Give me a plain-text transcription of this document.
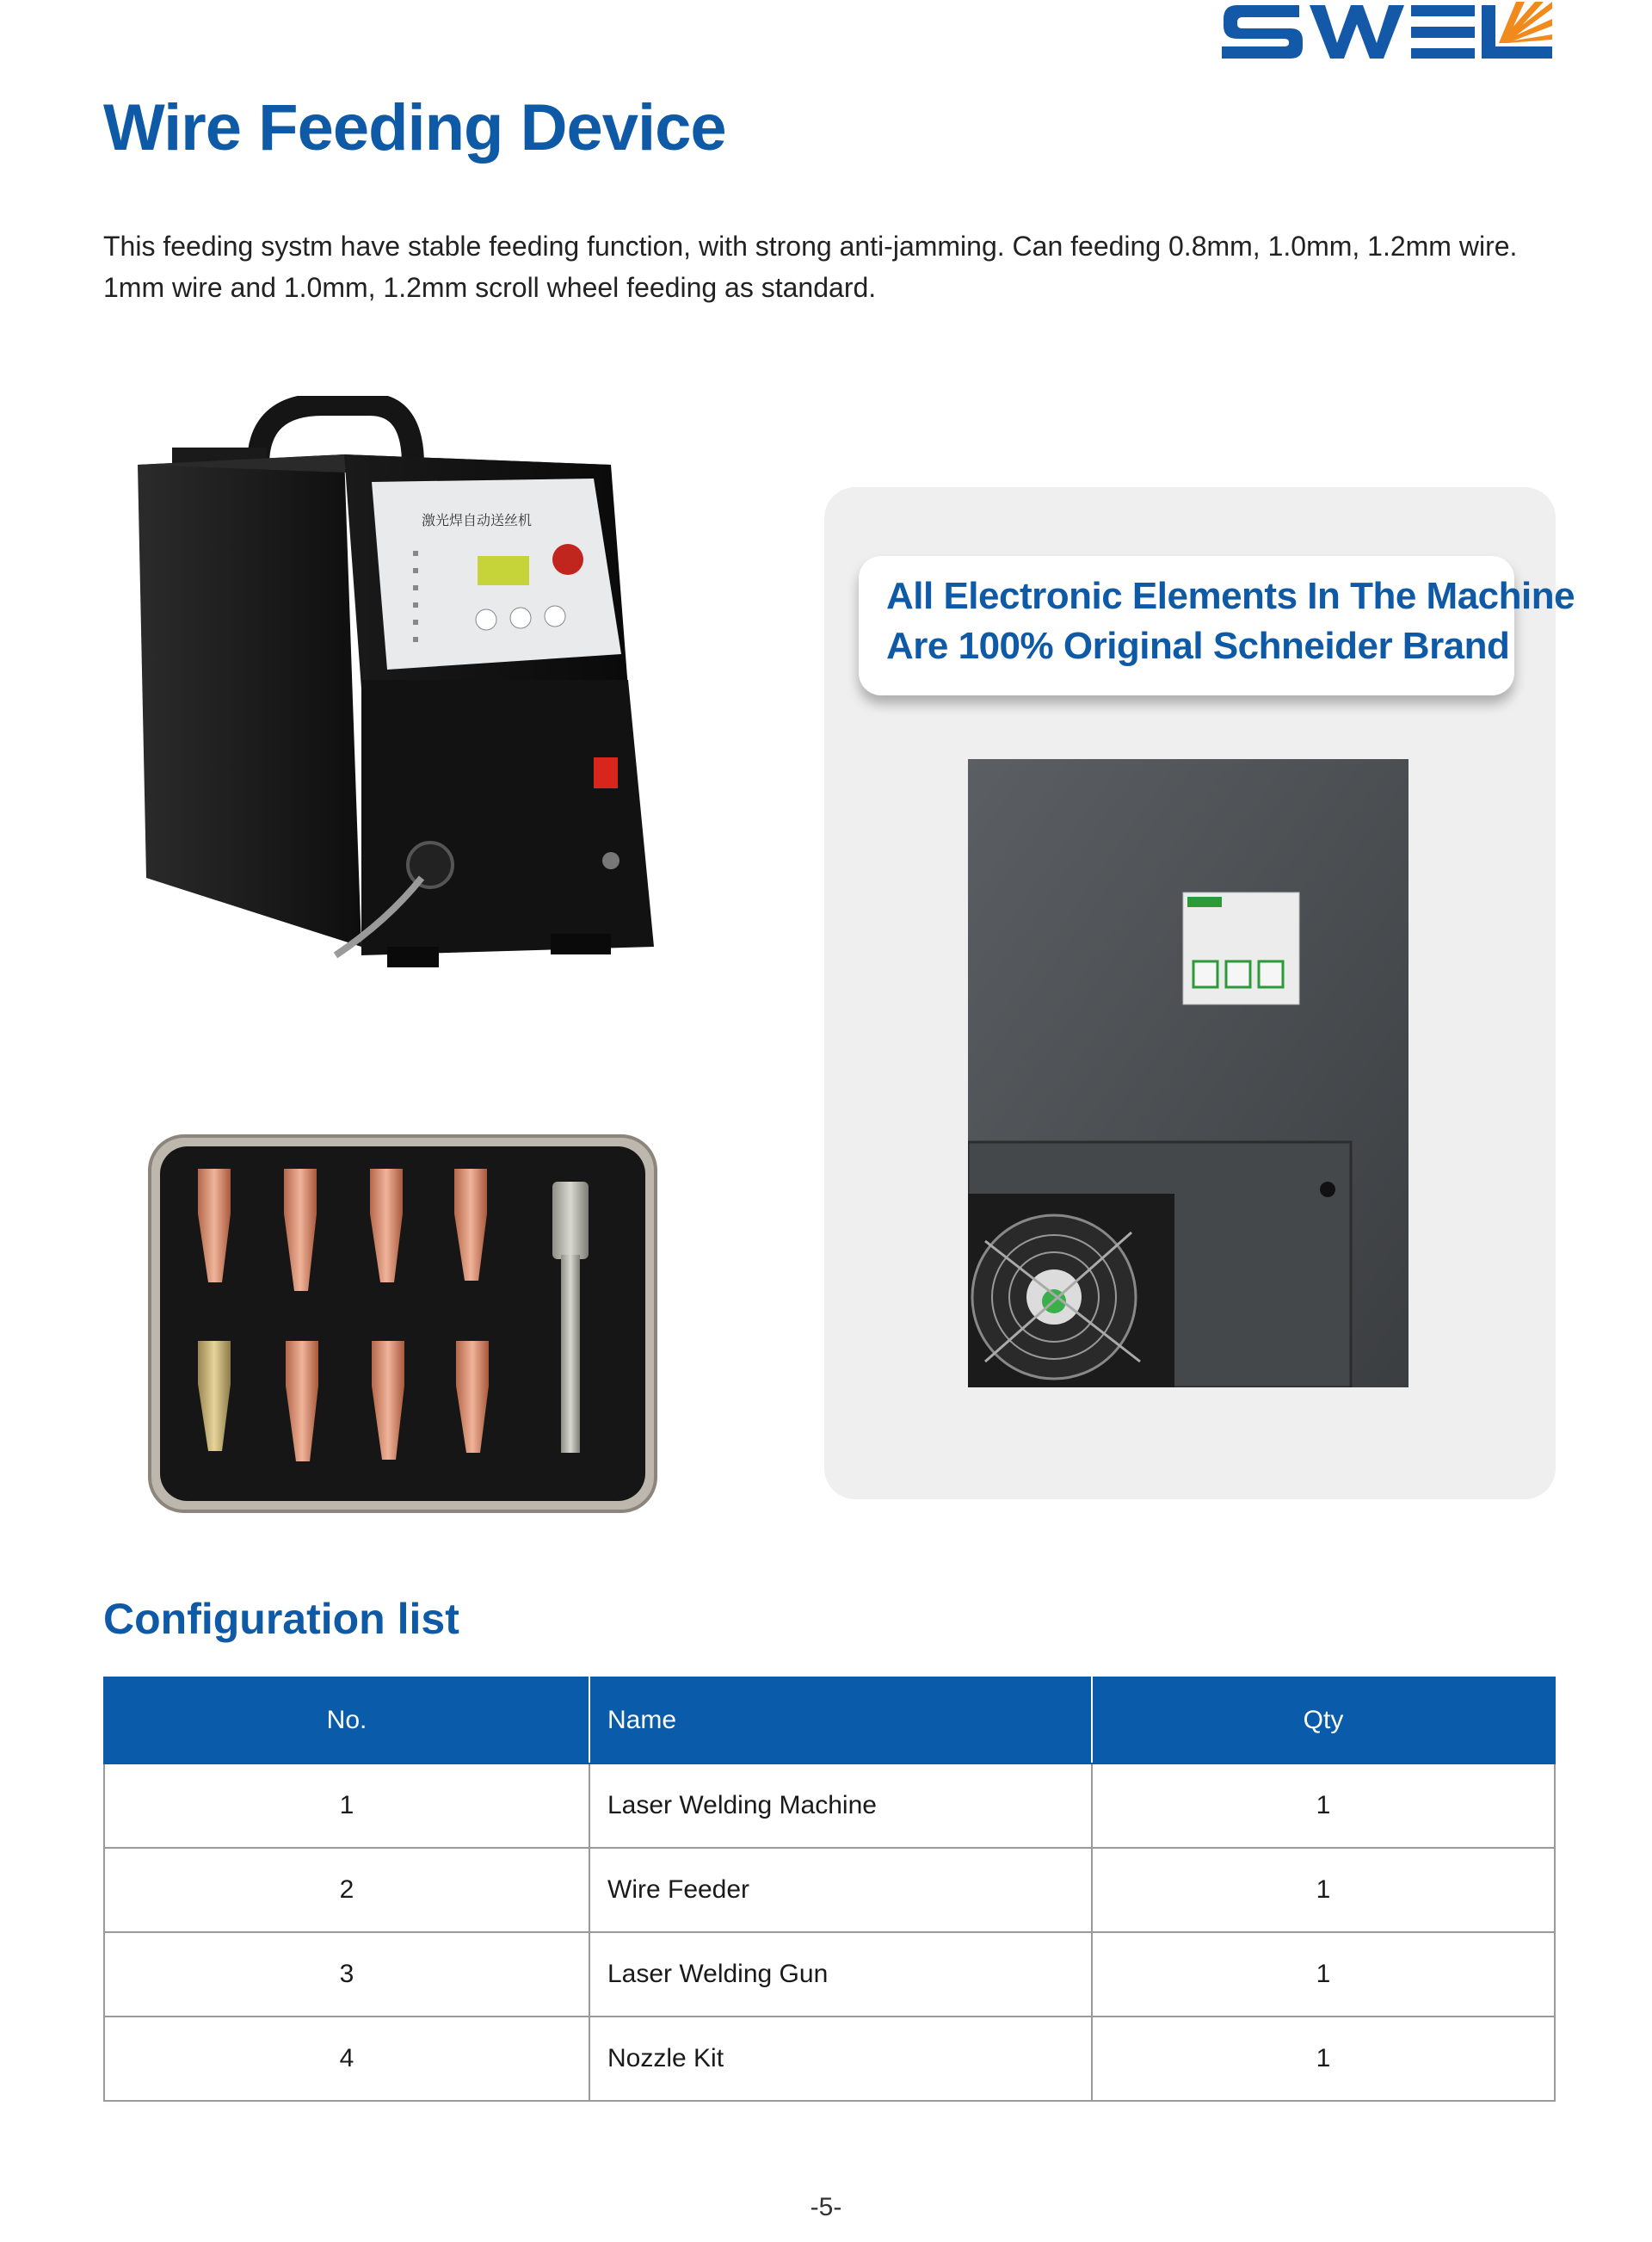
Wire Feeding Device
This feeding systm have stable feeding function, with strong anti-jamming. Can feeding 0.8mm, 1.0mm, 1.2mm wire. 1mm wire and 1.0mm, 1.2mm scroll wheel feeding as standard.
激光焊自动送丝机
All Electronic Elements In The Machine
Are 100% Original Schneider Brand
Configuration list
No.	Name	Qty
1	Laser Welding Machine	1
2	Wire Feeder	1
3	Laser Welding Gun	1
4	Nozzle Kit	1
-5-
